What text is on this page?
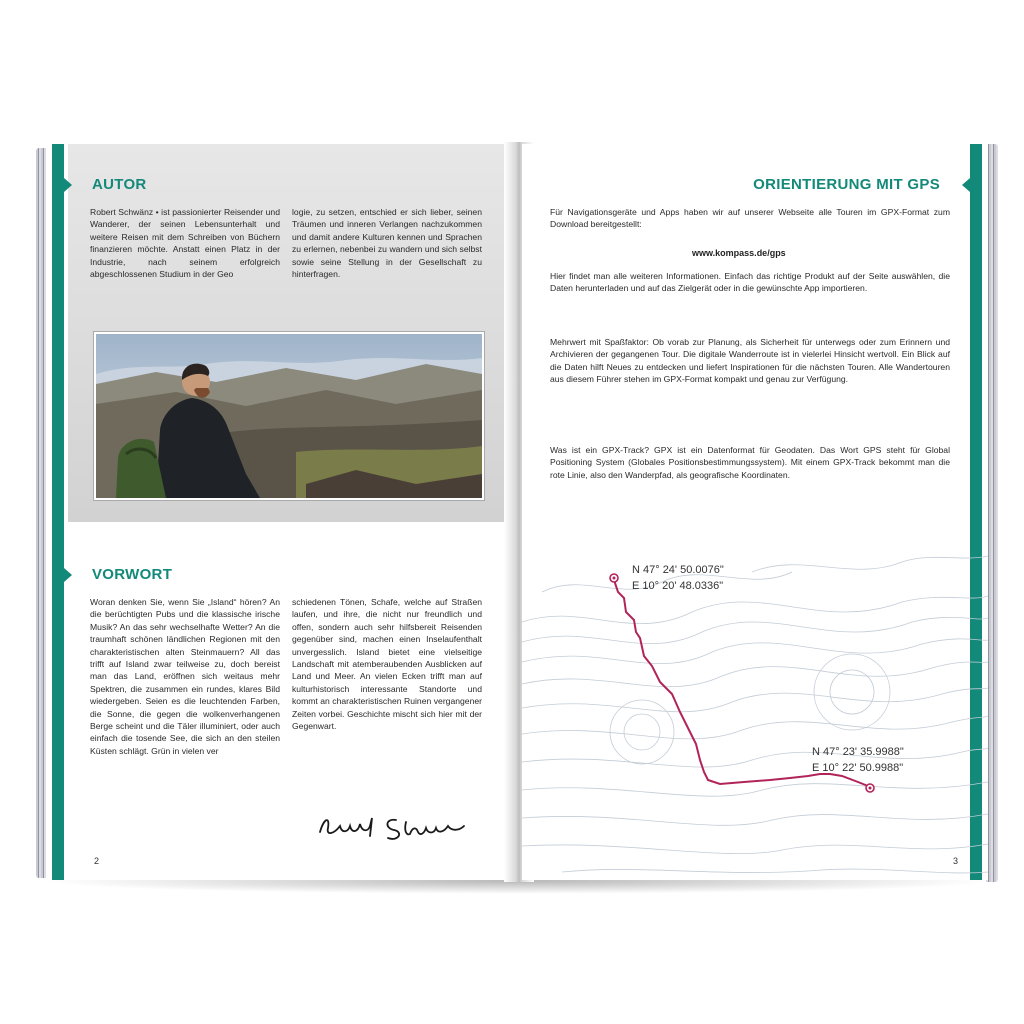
AUTOR

Robert Schwänz • ist passionierter Reisender und Wanderer, der seinen Lebensunterhalt und weitere Reisen mit dem Schreiben von Büchern finanzieren möchte. Anstatt einen Platz in der Industrie, nach seinem erfolgreich abgeschlossenen Studium in der Geo

logie, zu setzen, entschied er sich lieber, seinen Träumen und inneren Verlangen nachzukommen und damit andere Kulturen kennen und Sprachen zu erlernen, nebenbei zu wandern und sich selbst sowie seine Stellung in der Gesellschaft zu hinterfragen.

VORWORT

Woran denken Sie, wenn Sie „Island“ hören? An die berüchtigten Pubs und die klassische irische Musik? An das sehr wechselhafte Wetter? An die traumhaft schönen ländlichen Regionen mit den charakteristischen alten Steinmauern? All das trifft auf Island zwar teilweise zu, doch bereist man das Land, eröffnen sich weitaus mehr Spektren, die zusammen ein rundes, klares Bild wiedergeben. Seien es die leuchtenden Farben, die Sonne, die gegen die wolkenverhangenen Berge scheint und die Täler illuminiert, oder auch einfach die tosende See, die sich an den steilen Küsten schlägt. Grün in vielen ver

schiedenen Tönen, Schafe, welche auf Straßen laufen, und ihre, die nicht nur freundlich und offen, sondern auch sehr hilfsbereit Reisenden gegenüber sind, machen einen Inselaufenthalt unvergesslich. Island bietet eine vielseitige Landschaft mit atemberaubenden Ausblicken auf Land und Meer. An vielen Ecken trifft man auf kulturhistorisch interessante Standorte und kommt an charakteristischen Ruinen vergangener Zeiten vorbei. Geschichte mischt sich hier mit der Gegenwart.

2
ORIENTIERUNG MIT GPS

Für Navigationsgeräte und Apps haben wir auf unserer Webseite alle Touren im GPX-Format zum Download bereitgestellt:

www.kompass.de/gps

Hier findet man alle weiteren Informationen. Einfach das richtige Produkt auf der Seite auswählen, die Daten herunterladen und auf das Zielgerät oder in die gewünschte App importieren.

Mehrwert mit Spaßfaktor: Ob vorab zur Planung, als Sicherheit für unterwegs oder zum Erinnern und Archivieren der gegangenen Tour. Die digitale Wanderroute ist in vielerlei Hinsicht wertvoll. Ein Blick auf die Daten hilft Neues zu entdecken und liefert Inspirationen für die nächsten Touren. Alle Wandertouren aus diesem Führer stehen im GPX-Format kompakt und genau zur Verfügung.

Was ist ein GPX-Track? GPX ist ein Datenformat für Geodaten. Das Wort GPS steht für Global Positioning System (Globales Positionsbestimmungssystem). Mit einem GPX-Track bekommt man die rote Linie, also den Wanderpfad, als geografische Koordinaten.

N 47° 24' 50.0076"
E 10° 20' 48.0336"
N 47° 23' 35.9988"
E 10° 22' 50.9988"
3
